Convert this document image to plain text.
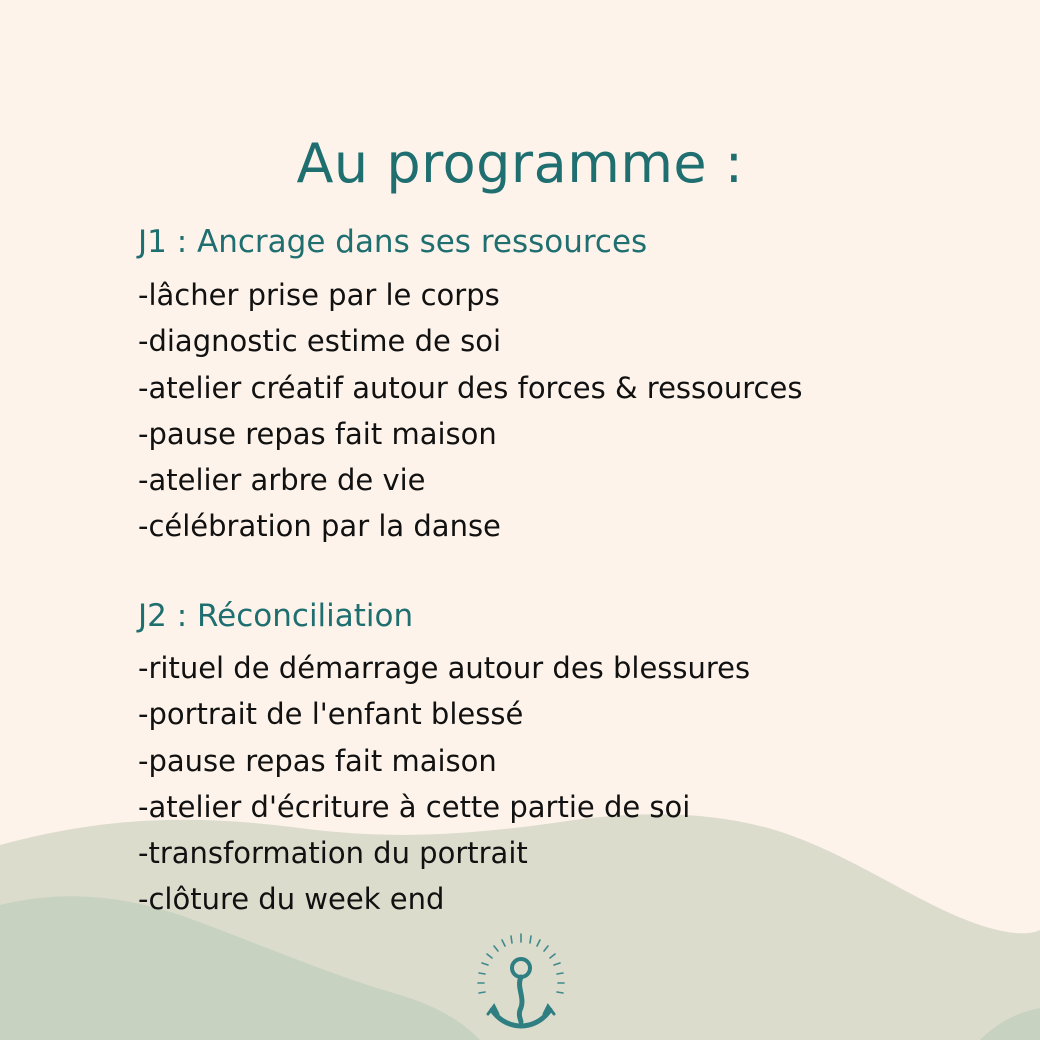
Au programme :
J1 : Ancrage dans ses ressources
-lâcher prise par le corps
-diagnostic estime de soi
-atelier créatif autour des forces & ressources
-pause repas fait maison
-atelier arbre de vie
-célébration par la danse
J2 : Réconciliation
-rituel de démarrage autour des blessures
-portrait de l'enfant blessé
-pause repas fait maison
-atelier d'écriture à cette partie de soi
-transformation du portrait
-clôture du week end
